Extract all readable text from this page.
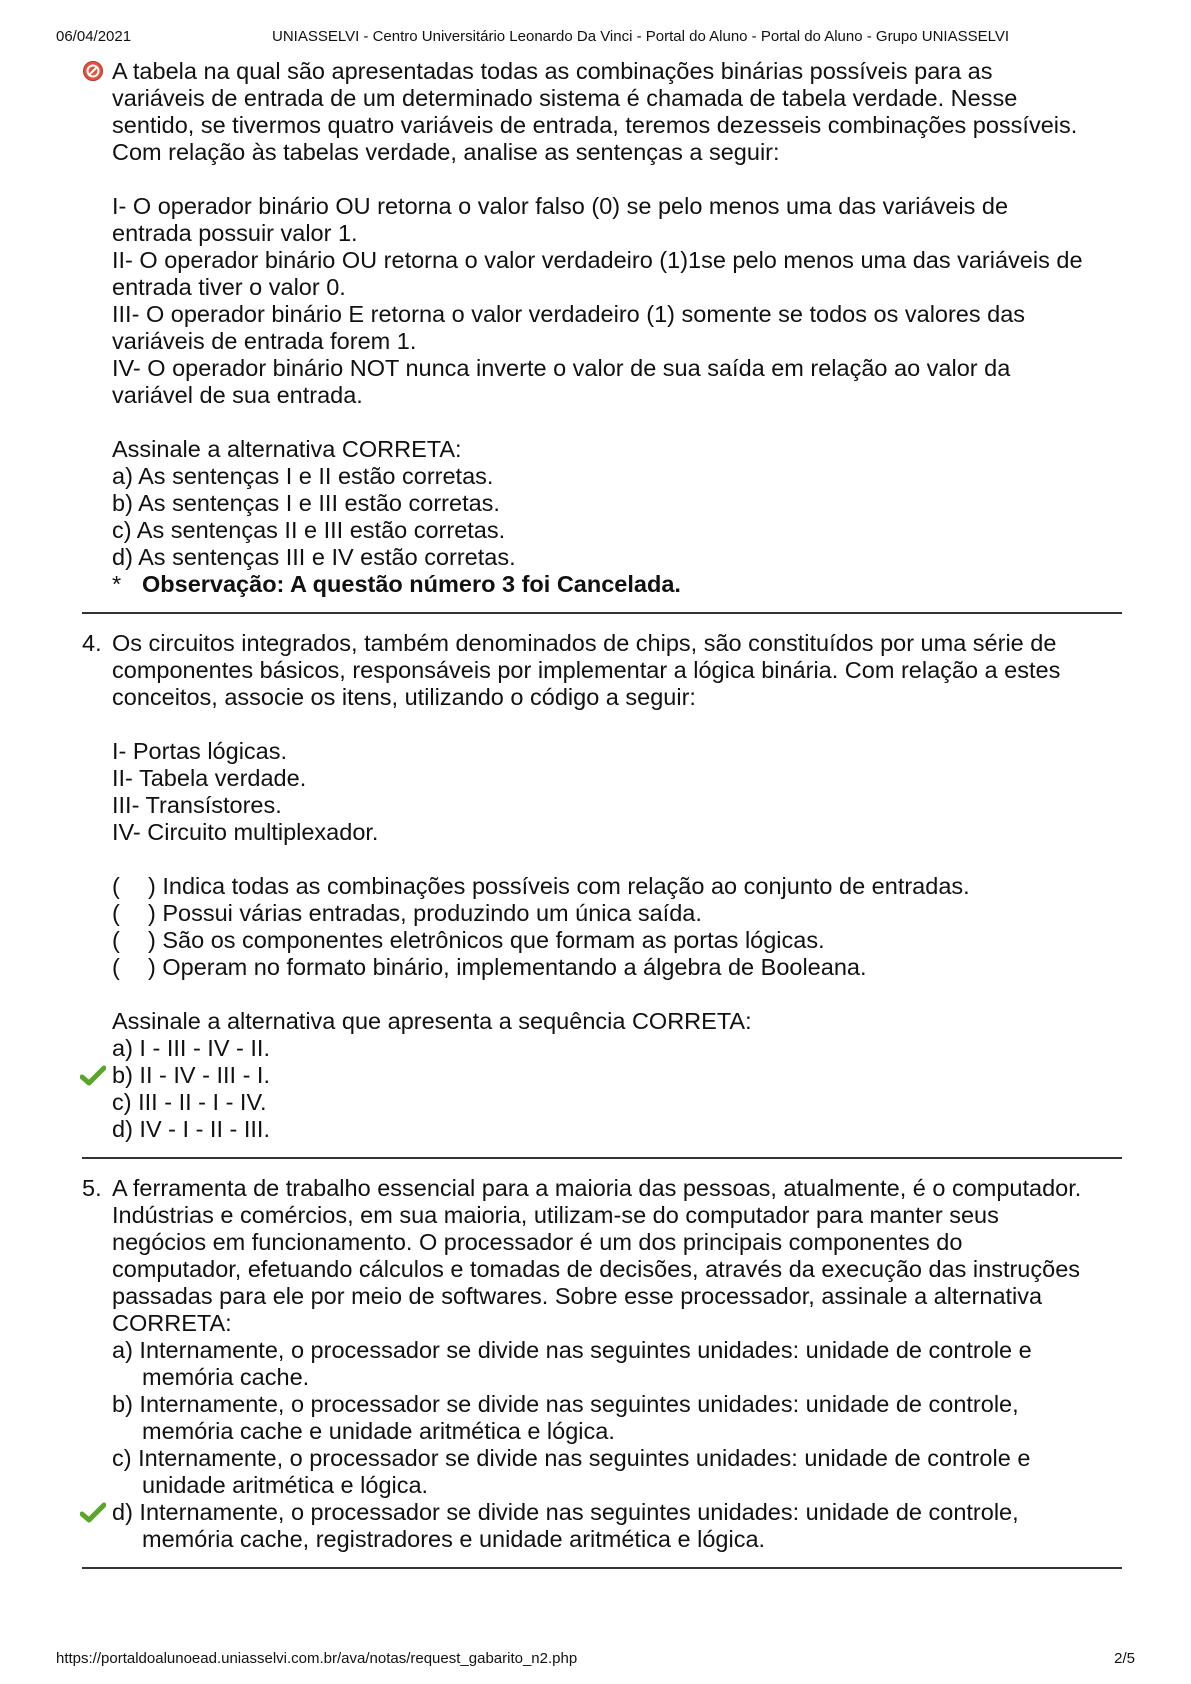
06/04/2021	UNIASSELVI - Centro Universitário Leonardo Da Vinci - Portal do Aluno - Portal do Aluno - Grupo UNIASSELVI

A tabela na qual são apresentadas todas as combinações binárias possíveis para as

variáveis de entrada de um determinado sistema é chamada de tabela verdade. Nesse

sentido, se tivermos quatro variáveis de entrada, teremos dezesseis combinações possíveis.

Com relação às tabelas verdade, analise as sentenças a seguir:

I- O operador binário OU retorna o valor falso (0) se pelo menos uma das variáveis de

entrada possuir valor 1.

II- O operador binário OU retorna o valor verdadeiro (1)1se pelo menos uma das variáveis de

entrada tiver o valor 0.

III- O operador binário E retorna o valor verdadeiro (1) somente se todos os valores das

variáveis de entrada forem 1.

IV- O operador binário NOT nunca inverte o valor de sua saída em relação ao valor da

variável de sua entrada.

Assinale a alternativa CORRETA:

a) As sentenças I e II estão corretas.

b) As sentenças I e III estão corretas.

c) As sentenças II e III estão corretas.

d) As sentenças III e IV estão corretas.

* Observação: A questão número 3 foi Cancelada.

4. Os circuitos integrados, também denominados de chips, são constituídos por uma série de

componentes básicos, responsáveis por implementar a lógica binária. Com relação a estes

conceitos, associe os itens, utilizando o código a seguir:

I- Portas lógicas.

II- Tabela verdade.

III- Transístores.

IV- Circuito multiplexador.

( ) Indica todas as combinações possíveis com relação ao conjunto de entradas.

( ) Possui várias entradas, produzindo um única saída.

( ) São os componentes eletrônicos que formam as portas lógicas.

( ) Operam no formato binário, implementando a álgebra de Booleana.

Assinale a alternativa que apresenta a sequência CORRETA:

a) I - III - IV - II.

b) II - IV - III - I.

c) III - II - I - IV.

d) IV - I - II - III.

5. A ferramenta de trabalho essencial para a maioria das pessoas, atualmente, é o computador.

Indústrias e comércios, em sua maioria, utilizam-se do computador para manter seus

negócios em funcionamento. O processador é um dos principais componentes do

computador, efetuando cálculos e tomadas de decisões, através da execução das instruções

passadas para ele por meio de softwares. Sobre esse processador, assinale a alternativa

CORRETA:

a) Internamente, o processador se divide nas seguintes unidades: unidade de controle e

memória cache.

b) Internamente, o processador se divide nas seguintes unidades: unidade de controle,

memória cache e unidade aritmética e lógica.

c) Internamente, o processador se divide nas seguintes unidades: unidade de controle e

unidade aritmética e lógica.

d) Internamente, o processador se divide nas seguintes unidades: unidade de controle,

memória cache, registradores e unidade aritmética e lógica.

https://portaldoalunoead.uniasselvi.com.br/ava/notas/request_gabarito_n2.php	2/5
